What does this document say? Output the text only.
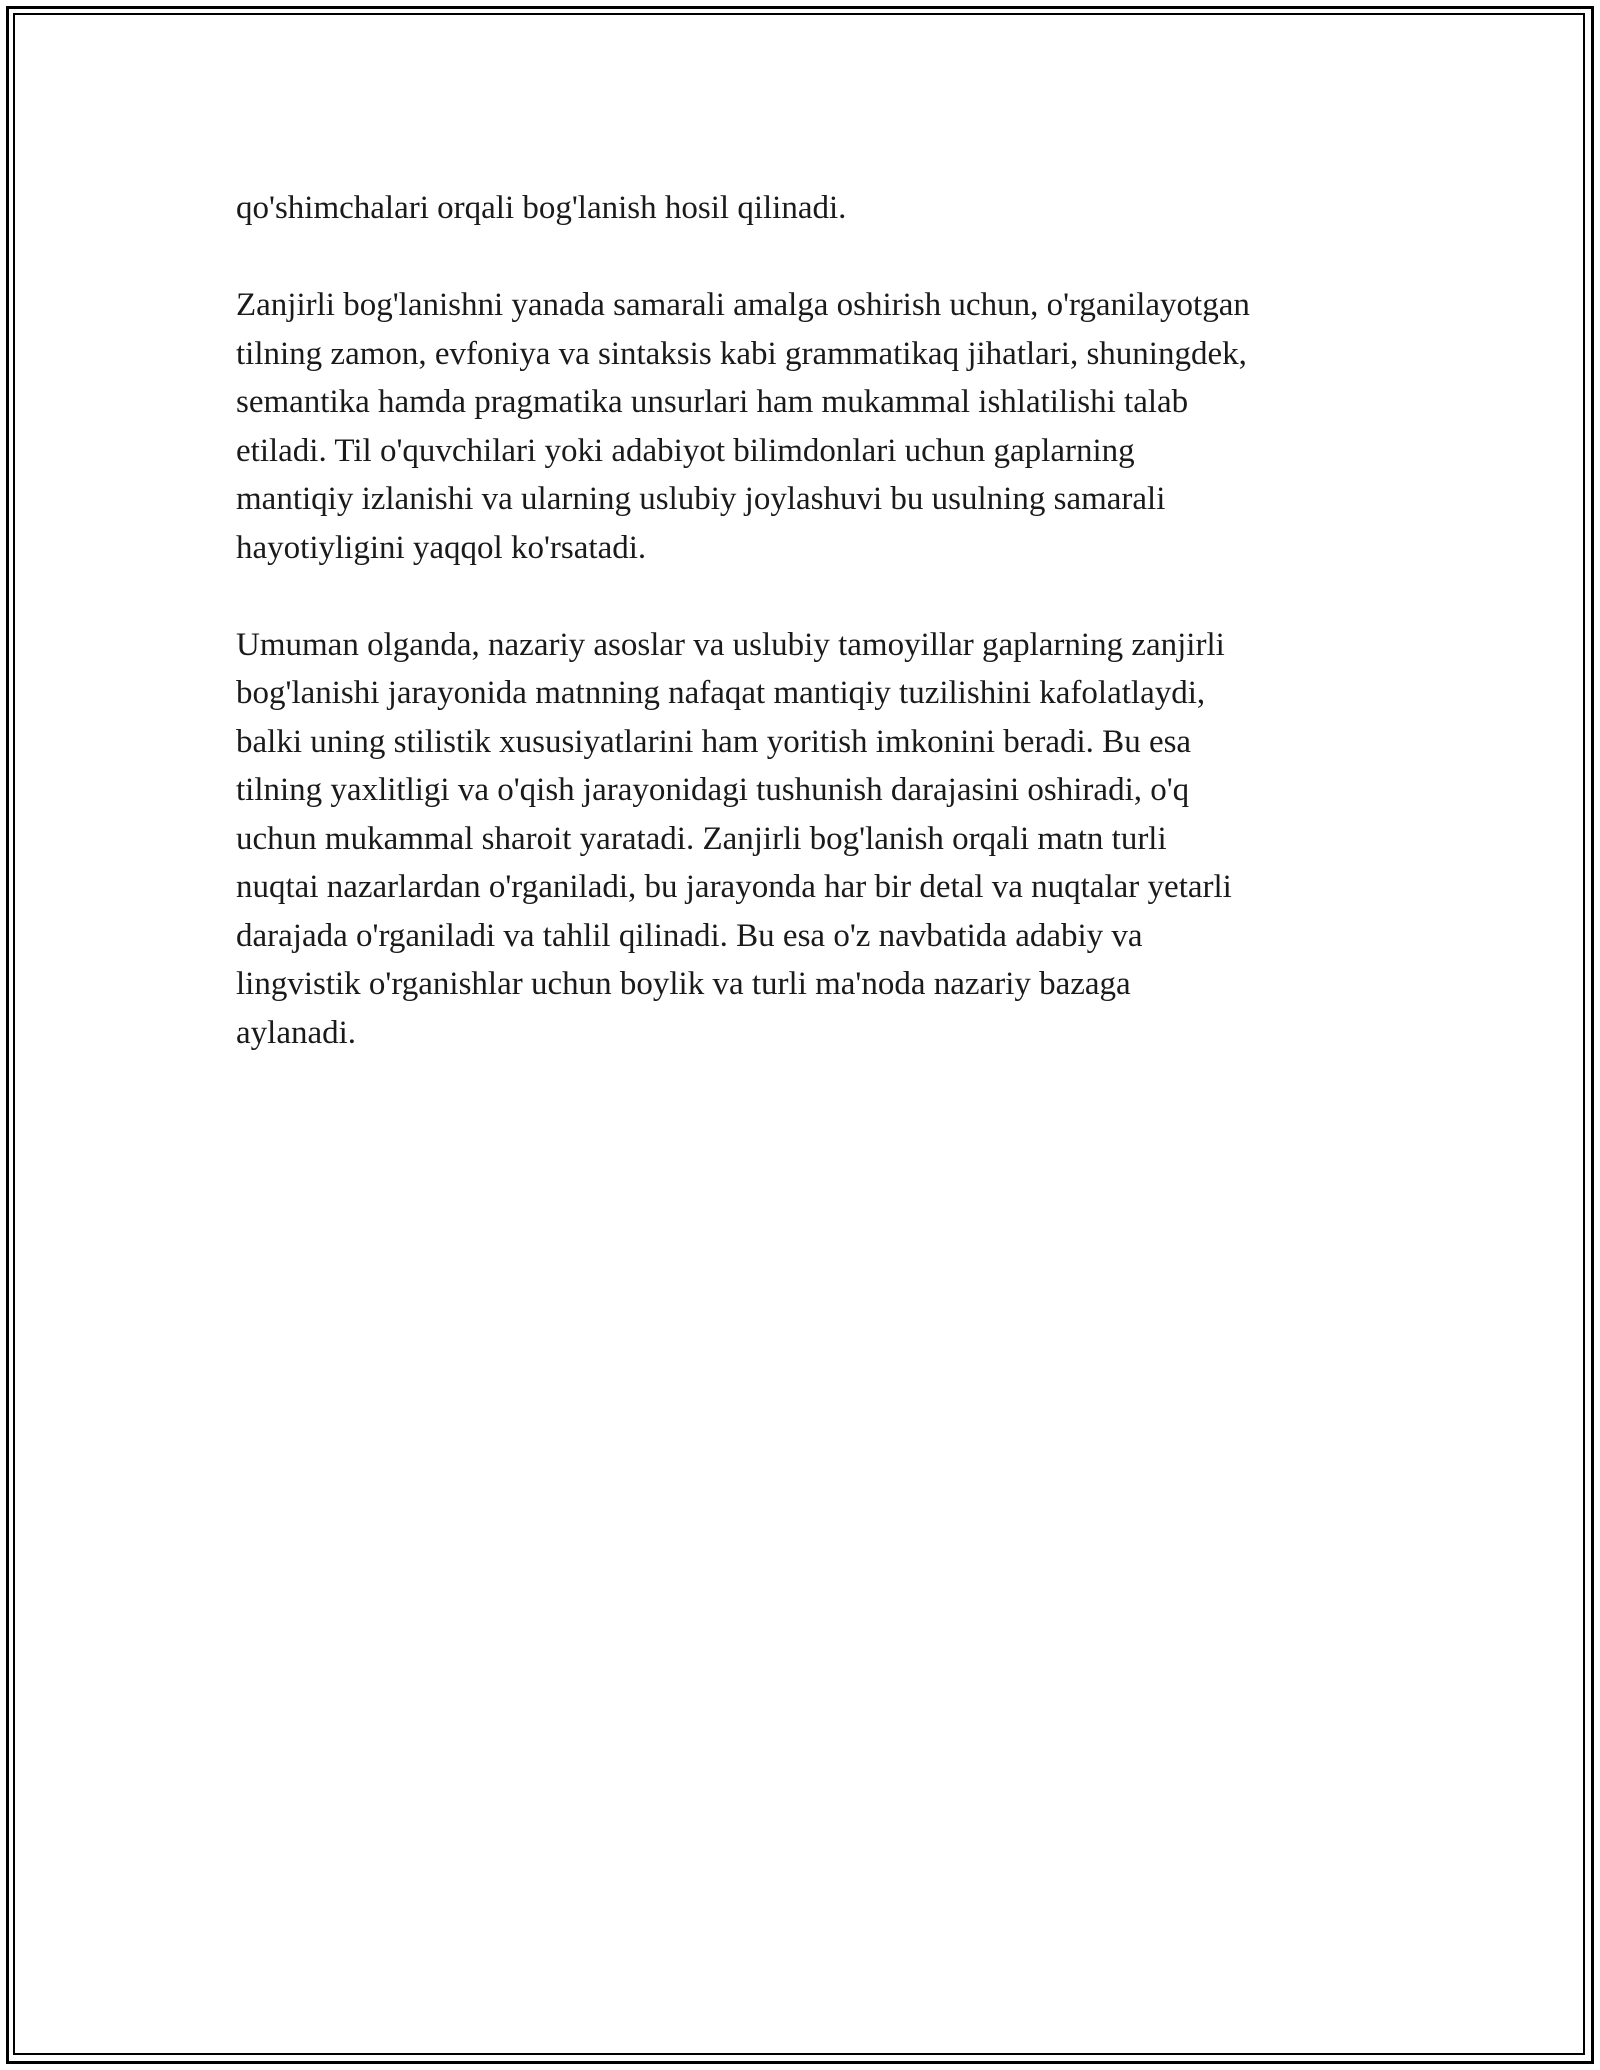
qo'shimchalari orqali bog'lanish hosil qilinadi.

Zanjirli bog'lanishni yanada samarali amalga oshirish uchun, o'rganilayotgan
tilning zamon, evfoniya va sintaksis kabi grammatikaq jihatlari, shuningdek,
semantika hamda pragmatika unsurlari ham mukammal ishlatilishi talab
etiladi. Til o'quvchilari yoki adabiyot bilimdonlari uchun gaplarning
mantiqiy izlanishi va ularning uslubiy joylashuvi bu usulning samarali
hayotiyligini yaqqol ko'rsatadi.

Umuman olganda, nazariy asoslar va uslubiy tamoyillar gaplarning zanjirli
bog'lanishi jarayonida matnning nafaqat mantiqiy tuzilishini kafolatlaydi,
balki uning stilistik xususiyatlarini ham yoritish imkonini beradi. Bu esa
tilning yaxlitligi va o'qish jarayonidagi tushunish darajasini oshiradi, o'q
uchun mukammal sharoit yaratadi. Zanjirli bog'lanish orqali matn turli
nuqtai nazarlardan o'rganiladi, bu jarayonda har bir detal va nuqtalar yetarli
darajada o'rganiladi va tahlil qilinadi. Bu esa o'z navbatida adabiy va
lingvistik o'rganishlar uchun boylik va turli ma'noda nazariy bazaga
aylanadi.
